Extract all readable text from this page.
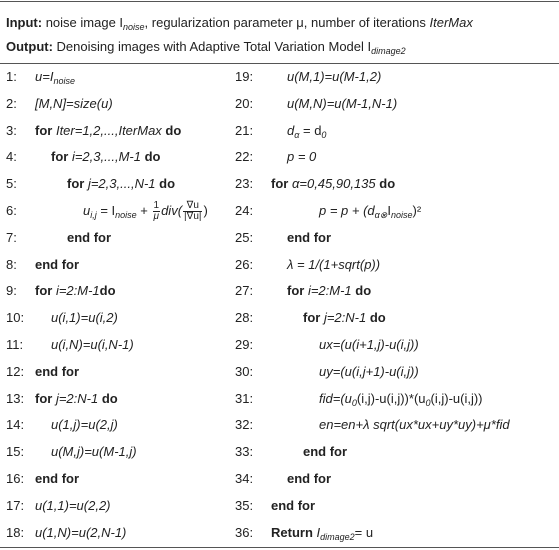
Input: noise image $I_{noise}$, regularization parameter μ, number of iterations IterMax
Output: Denoising images with Adaptive Total Variation Model $I_{dimage2}$
1:	$u=I_{noise}$
2:	[M,N]=size(u)
3:	for Iter=1,2,...,IterMax do
4:	for i=2,3,...,M-1 do
5:	for j=2,3,...,N-1 do
6:	$u_{i,j} = I_{noise} + \frac{1}{\mu} div( \frac{\nabla u}{|\nabla u|}$ )
7:	end for
8:	end for
9:	for i=2:M-1do
10:	u(i,1)=u(i,2)
11:	u(i,N)=u(i,N-1)
12: end for
13: for j=2:N-1 do
14:	u(1,j)=u(2,j)
15:	u(M,j)=u(M-1,j)
16: end for
17: u(1,1)=u(2,2)
18: u(1,N)=u(2,N-1)
19:	u(M,1)=u(M-1,2)
20:	u(M,N)=u(M-1,N-1)
21:	$d_\alpha = d_0$
22:	p = 0
23:	for α=0,45,90,135 do
24:	$p = p + (d_{\alpha\otimes}I_{noise})^2$
25:	end for
26:	λ = 1/(1+sqrt(p))
27:	for i=2:M-1 do
28:	for j=2:N-1 do
29:	ux=(u(i+1,j)-u(i,j))
30:	uy=(u(i,j+1)-u(i,j))
31:	$fid=(u_0(i,j)-u(i,j))*(u_0(i,j)-u(i,j))$
32:	en=en+λ sqrt(ux*ux+uy*uy)+μ*fid
33:	end for
34:	end for
35:	end for
36:	Return $I_{dimage2}= u$
